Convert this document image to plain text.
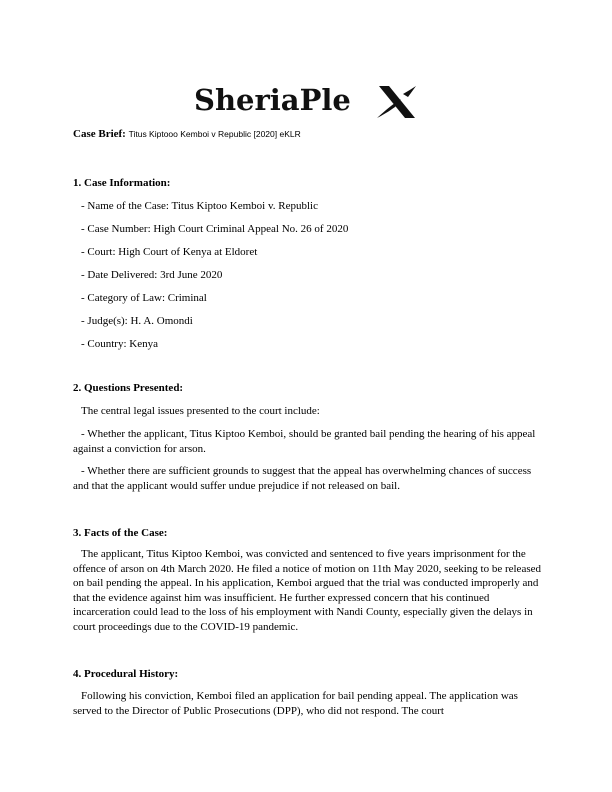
SheriaPle
Case Brief: Titus Kiptooo Kemboi v Republic [2020] eKLR
1. Case Information:
- Name of the Case: Titus Kiptoo Kemboi v. Republic
- Case Number: High Court Criminal Appeal No. 26 of 2020
- Court: High Court of Kenya at Eldoret
- Date Delivered: 3rd June 2020
- Category of Law: Criminal
- Judge(s): H. A. Omondi
- Country: Kenya
2. Questions Presented:
The central legal issues presented to the court include:
- Whether the applicant, Titus Kiptoo Kemboi, should be granted bail pending the hearing of his appeal against a conviction for arson.
- Whether there are sufficient grounds to suggest that the appeal has overwhelming chances of success and that the applicant would suffer undue prejudice if not released on bail.
3. Facts of the Case:
The applicant, Titus Kiptoo Kemboi, was convicted and sentenced to five years imprisonment for the offence of arson on 4th March 2020. He filed a notice of motion on 11th May 2020, seeking to be released on bail pending the appeal. In his application, Kemboi argued that the trial was conducted improperly and that the evidence against him was insufficient. He further expressed concern that his continued incarceration could lead to the loss of his employment with Nandi County, especially given the delays in court proceedings due to the COVID-19 pandemic.
4. Procedural History:
Following his conviction, Kemboi filed an application for bail pending appeal. The application was served to the Director of Public Prosecutions (DPP), who did not respond. The court
